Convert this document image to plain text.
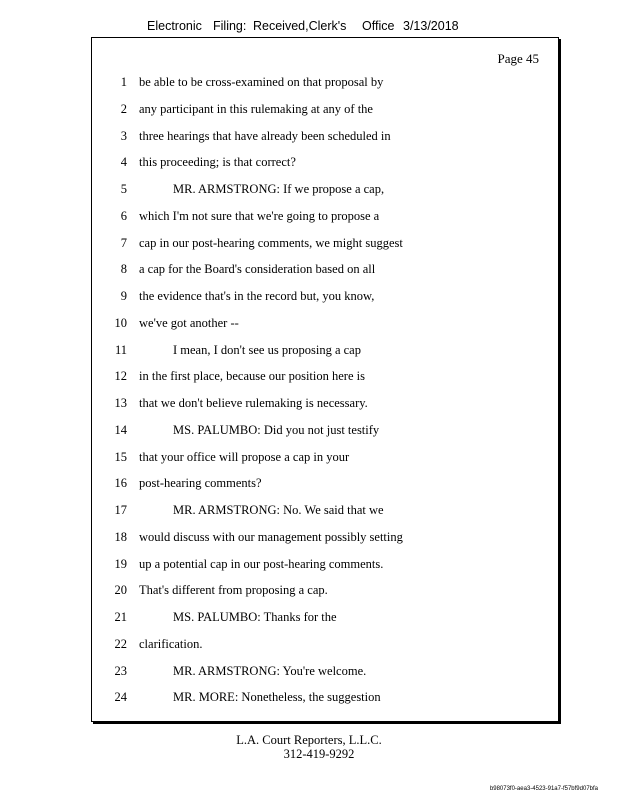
Electronic Filing: Received,Clerk's Office 3/13/2018
Page 45
1 be able to be cross-examined on that proposal by
2 any participant in this rulemaking at any of the
3 three hearings that have already been scheduled in
4 this proceeding; is that correct?
5	MR. ARMSTRONG: If we propose a cap,
6 which I'm not sure that we're going to propose a
7 cap in our post-hearing comments, we might suggest
8 a cap for the Board's consideration based on all
9 the evidence that's in the record but, you know,
10 we've got another --
11	I mean, I don't see us proposing a cap
12 in the first place, because our position here is
13 that we don't believe rulemaking is necessary.
14	MS. PALUMBO: Did you not just testify
15 that your office will propose a cap in your
16 post-hearing comments?
17	MR. ARMSTRONG: No. We said that we
18 would discuss with our management possibly setting
19 up a potential cap in our post-hearing comments.
20 That's different from proposing a cap.
21	MS. PALUMBO: Thanks for the
22 clarification.
23	MR. ARMSTRONG: You're welcome.
24	MR. MORE: Nonetheless, the suggestion
L.A. Court Reporters, L.L.C.
312-419-9292
b98073f0-aea3-4523-91a7-f57bf9d07bfa
